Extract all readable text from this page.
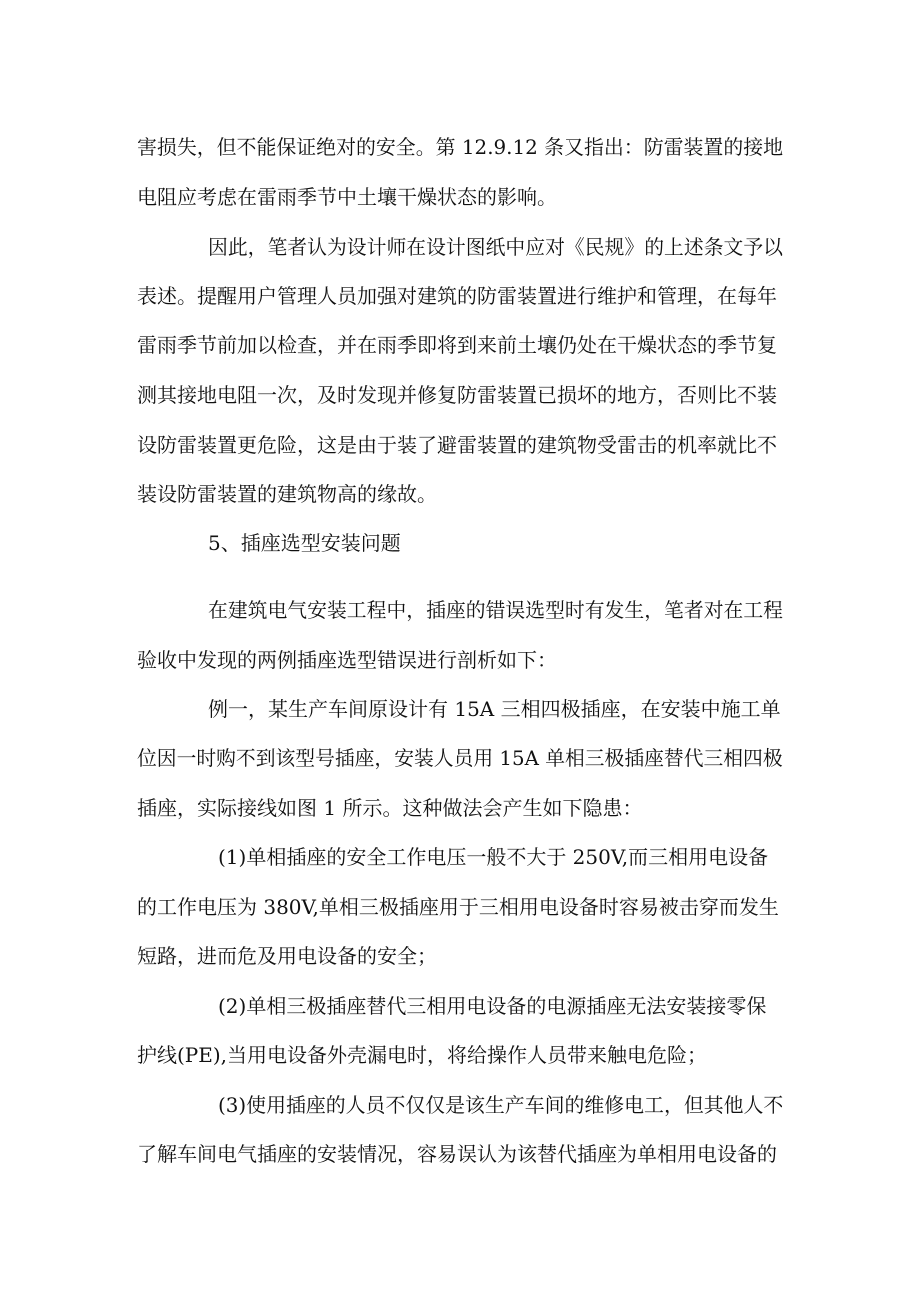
害损失，但不能保证绝对的安全。第 12.9.12 条又指出：防雷装置的接地
电阻应考虑在雷雨季节中土壤干燥状态的影响。
因此，笔者认为设计师在设计图纸中应对《民规》的上述条文予以
表述。提醒用户管理人员加强对建筑的防雷装置进行维护和管理，在每年
雷雨季节前加以检查，并在雨季即将到来前土壤仍处在干燥状态的季节复
测其接地电阻一次，及时发现并修复防雷装置已损坏的地方，否则比不装
设防雷装置更危险，这是由于装了避雷装置的建筑物受雷击的机率就比不
装设防雷装置的建筑物高的缘故。
5、插座选型安装问题
在建筑电气安装工程中，插座的错误选型时有发生，笔者对在工程
验收中发现的两例插座选型错误进行剖析如下：
例一，某生产车间原设计有 15A 三相四极插座，在安装中施工单
位因一时购不到该型号插座，安装人员用 15A 单相三极插座替代三相四极
插座，实际接线如图 1 所示。这种做法会产生如下隐患：
(1)单相插座的安全工作电压一般不大于 250V,而三相用电设备
的工作电压为 380V,单相三极插座用于三相用电设备时容易被击穿而发生
短路，进而危及用电设备的安全；
(2)单相三极插座替代三相用电设备的电源插座无法安装接零保
护线(PE),当用电设备外壳漏电时，将给操作人员带来触电危险；
(3)使用插座的人员不仅仅是该生产车间的维修电工，但其他人不
了解车间电气插座的安装情况，容易误认为该替代插座为单相用电设备的
